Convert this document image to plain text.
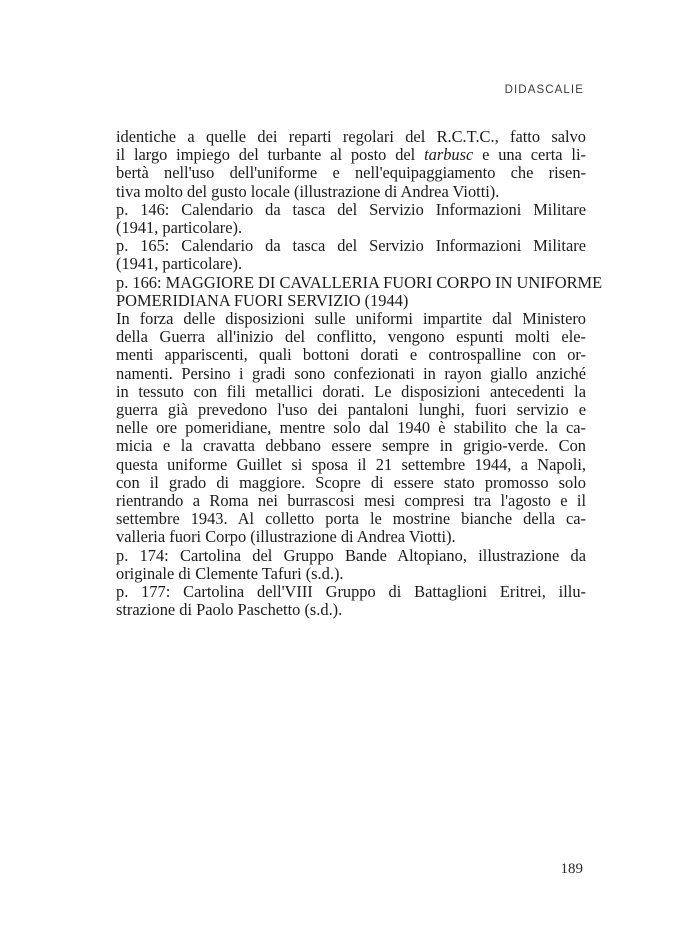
DIDASCALIE
identiche a quelle dei reparti regolari del R.C.T.C., fatto salvo
il largo impiego del turbante al posto del tarbusc e una certa li-
bertà nell'uso dell'uniforme e nell'equipaggiamento che risen-
tiva molto del gusto locale (illustrazione di Andrea Viotti).
p. 146: Calendario da tasca del Servizio Informazioni Militare
(1941, particolare).
p. 165: Calendario da tasca del Servizio Informazioni Militare
(1941, particolare).
p. 166: MAGGIORE DI CAVALLERIA FUORI CORPO IN UNIFORME
POMERIDIANA FUORI SERVIZIO (1944)
In forza delle disposizioni sulle uniformi impartite dal Ministero
della Guerra all'inizio del conflitto, vengono espunti molti ele-
menti appariscenti, quali bottoni dorati e controspalline con or-
namenti. Persino i gradi sono confezionati in rayon giallo anziché
in tessuto con fili metallici dorati. Le disposizioni antecedenti la
guerra già prevedono l'uso dei pantaloni lunghi, fuori servizio e
nelle ore pomeridiane, mentre solo dal 1940 è stabilito che la ca-
micia e la cravatta debbano essere sempre in grigio-verde. Con
questa uniforme Guillet si sposa il 21 settembre 1944, a Napoli,
con il grado di maggiore. Scopre di essere stato promosso solo
rientrando a Roma nei burrascosi mesi compresi tra l'agosto e il
settembre 1943. Al colletto porta le mostrine bianche della ca-
valleria fuori Corpo (illustrazione di Andrea Viotti).
p. 174: Cartolina del Gruppo Bande Altopiano, illustrazione da
originale di Clemente Tafuri (s.d.).
p. 177: Cartolina dell'VIII Gruppo di Battaglioni Eritrei, illu-
strazione di Paolo Paschetto (s.d.).
189
